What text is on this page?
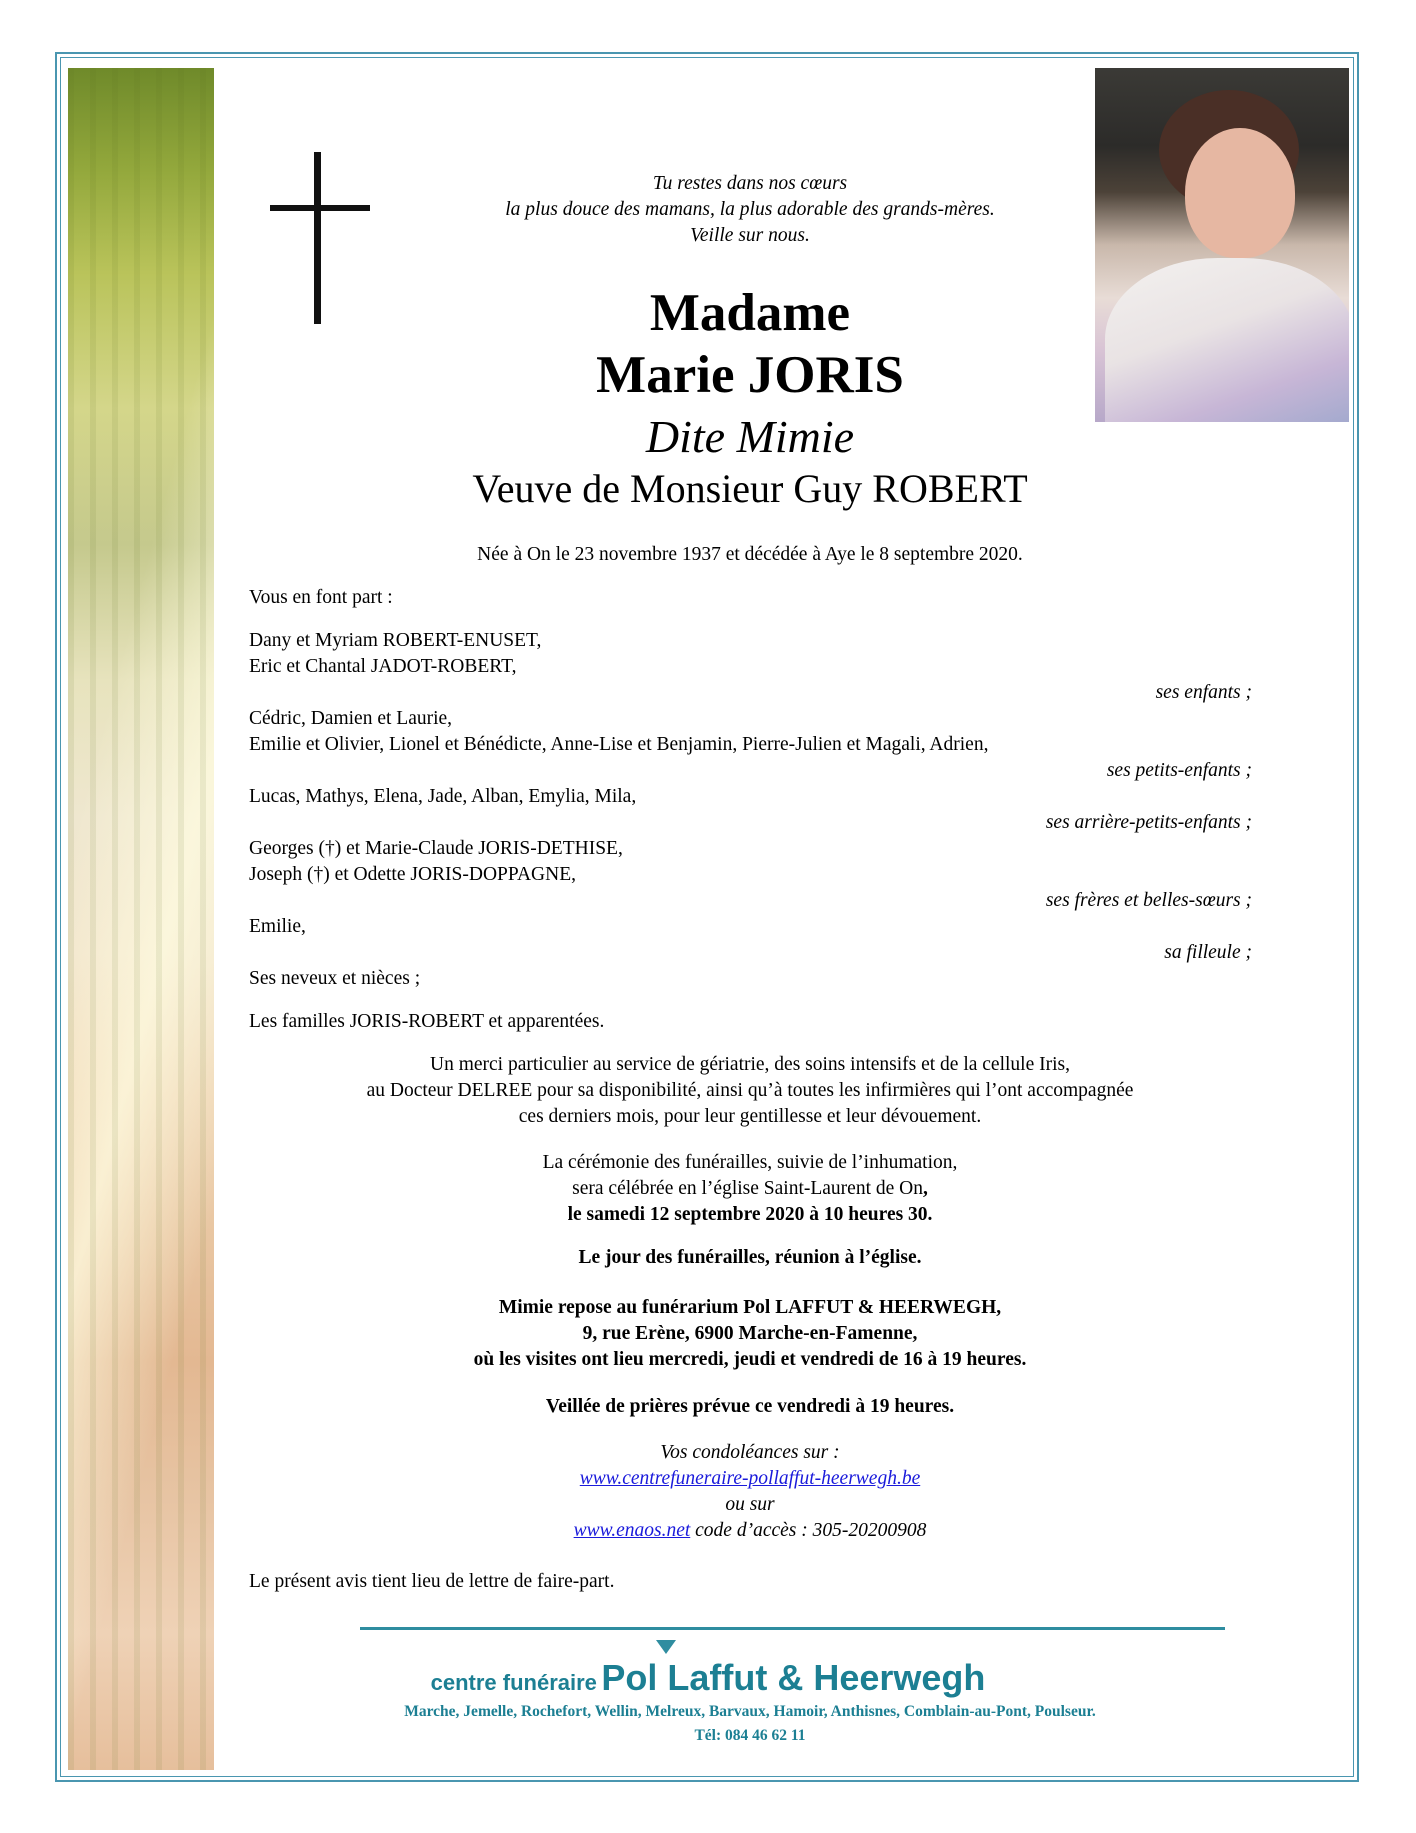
Tu restes dans nos cœurs
la plus douce des mamans, la plus adorable des grands-mères.
Veille sur nous.
Madame
Marie JORIS
Dite Mimie
Veuve de Monsieur Guy ROBERT
Née à On le 23 novembre 1937 et décédée à Aye le 8 septembre 2020.
Vous en font part :
Dany et Myriam ROBERT-ENUSET,
Eric et Chantal JADOT-ROBERT,
ses enfants ;
Cédric, Damien et Laurie,
Emilie et Olivier, Lionel et Bénédicte, Anne-Lise et Benjamin, Pierre-Julien et Magali, Adrien,
ses petits-enfants ;
Lucas, Mathys, Elena, Jade, Alban, Emylia, Mila,
ses arrière-petits-enfants ;
Georges (†) et Marie-Claude JORIS-DETHISE,
Joseph (†) et Odette JORIS-DOPPAGNE,
ses frères et belles-sœurs ;
Emilie,
sa filleule ;
Ses neveux et nièces ;
Les familles JORIS-ROBERT et apparentées.
Un merci particulier au service de gériatrie, des soins intensifs et de la cellule Iris,
au Docteur DELREE pour sa disponibilité, ainsi qu’à toutes les infirmières qui l’ont accompagnée
ces derniers mois, pour leur gentillesse et leur dévouement.
La cérémonie des funérailles, suivie de l’inhumation,
sera célébrée en l’église Saint-Laurent de On,
le samedi 12 septembre 2020 à 10 heures 30.
Le jour des funérailles, réunion à l’église.
Mimie repose au funérarium Pol LAFFUT & HEERWEGH,
9, rue Erène, 6900 Marche-en-Famenne,
où les visites ont lieu mercredi, jeudi et vendredi de 16 à 19 heures.
Veillée de prières prévue ce vendredi à 19 heures.
Vos condoléances sur :
www.centrefuneraire-pollaffut-heerwegh.be
ou sur
www.enaos.net code d’accès : 305-20200908
Le présent avis tient lieu de lettre de faire-part.
centre funéraire Pol Laffut & Heerwegh
Marche, Jemelle, Rochefort, Wellin, Melreux, Barvaux, Hamoir, Anthisnes, Comblain-au-Pont, Poulseur.
Tél: 084 46 62 11
